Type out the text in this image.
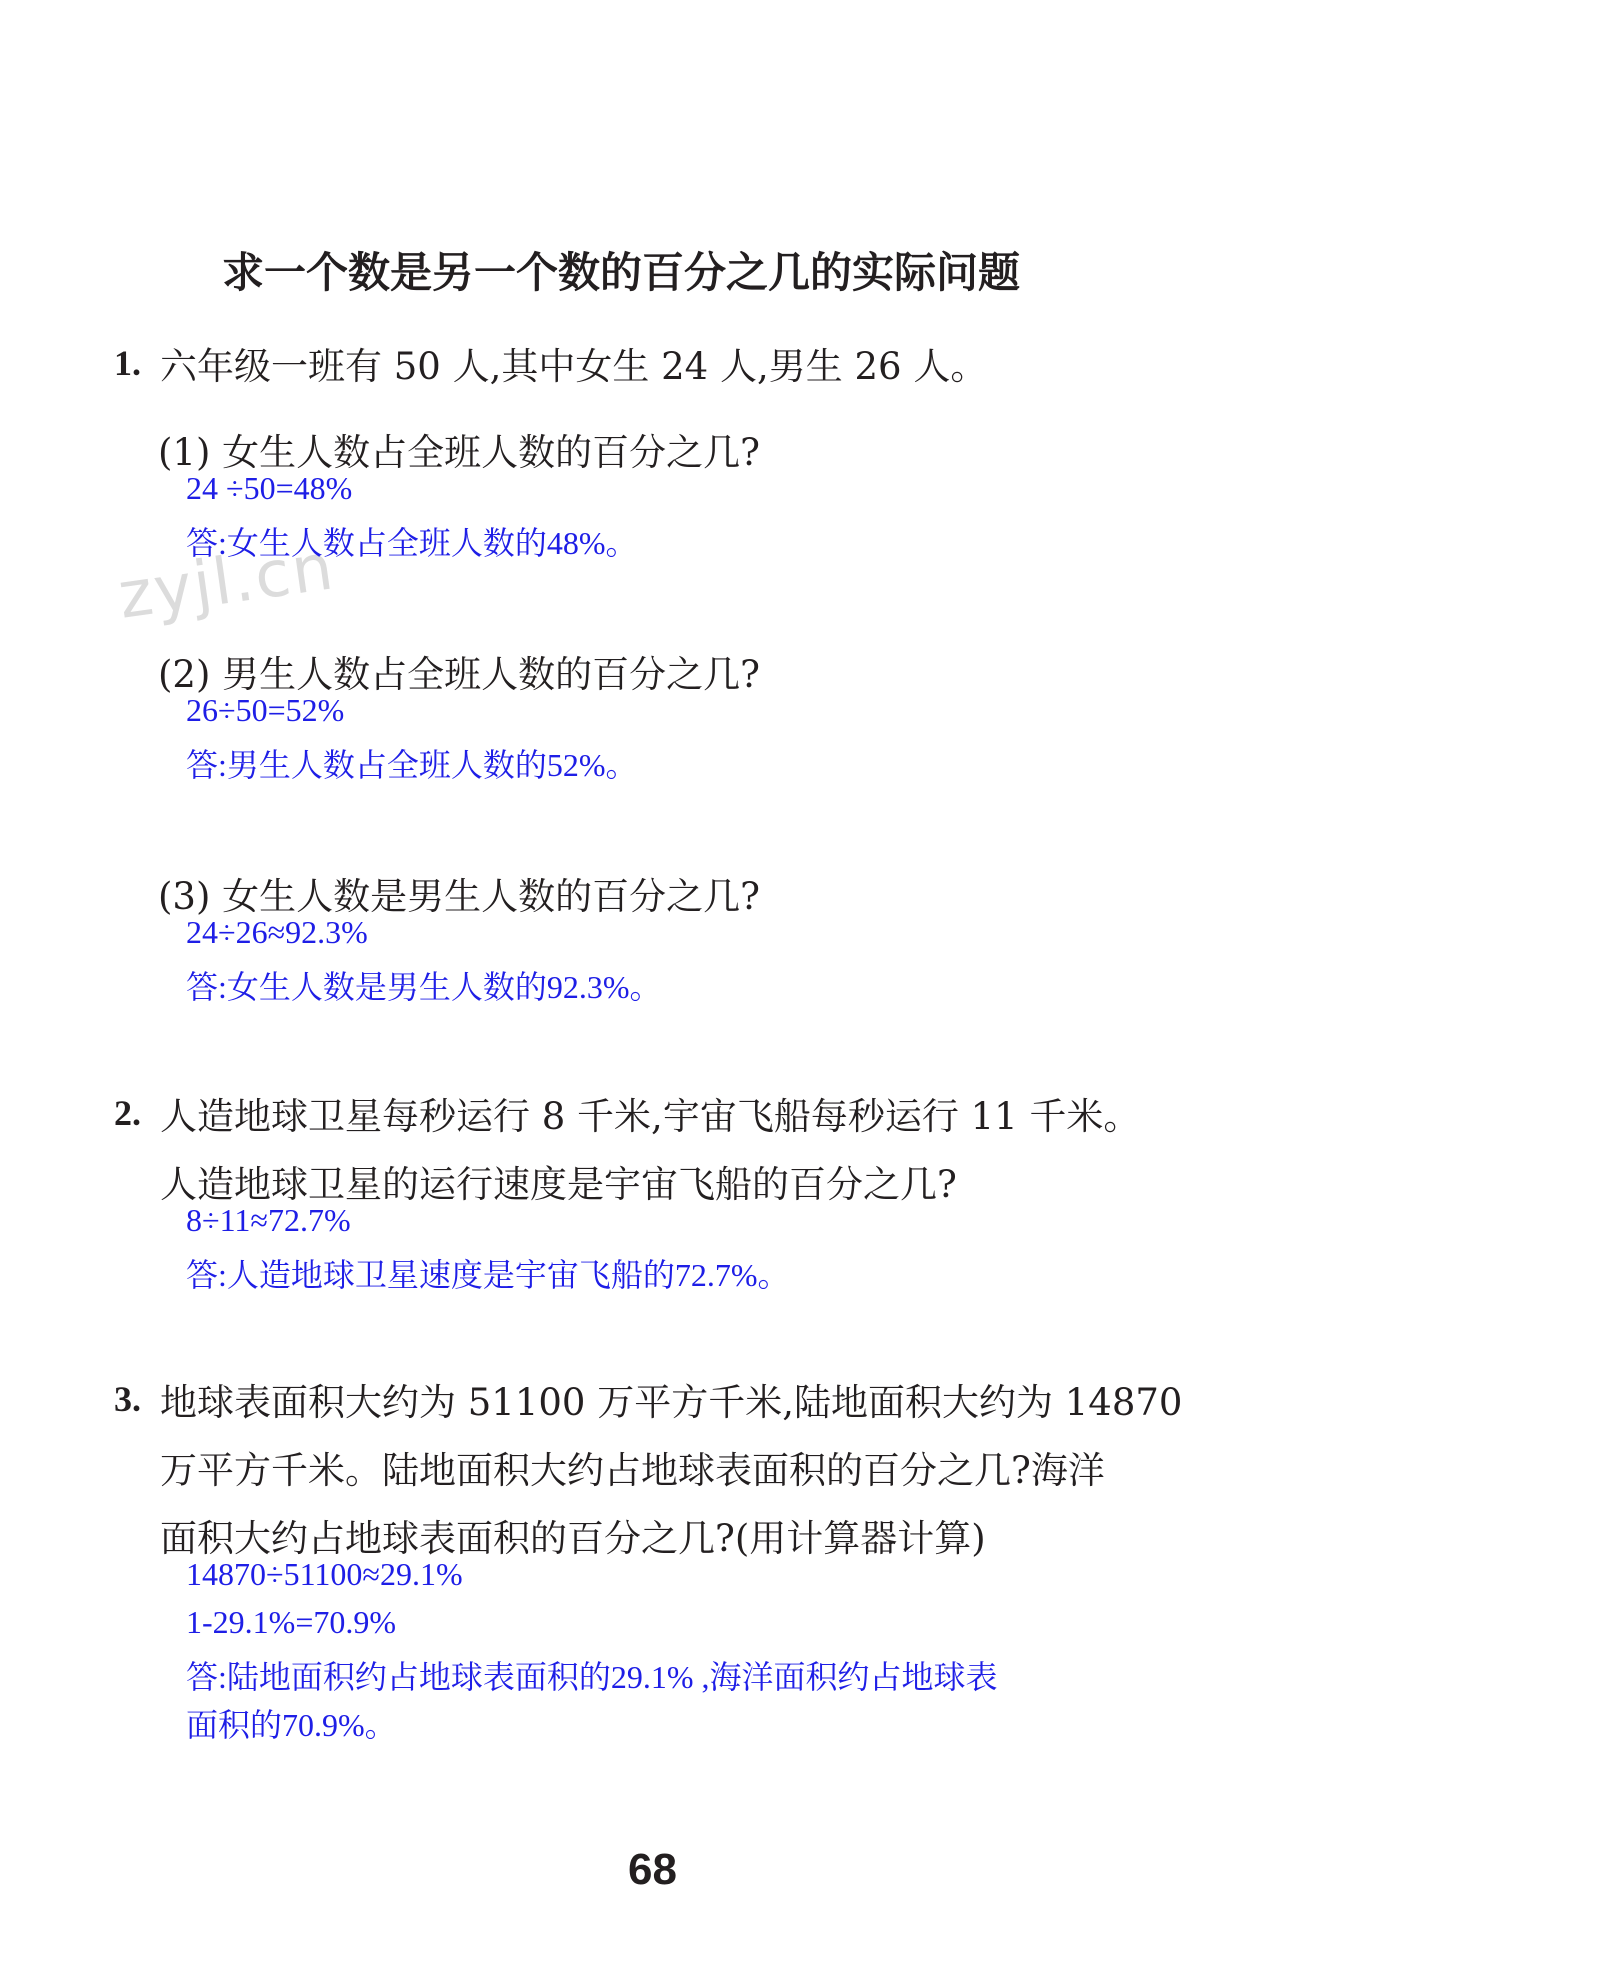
zyjl.cn
求一个数是另一个数的百分之几的实际问题
1. 六年级一班有 50 人,其中女生 24 人,男生 26 人。
(1) 女生人数占全班人数的百分之几?
24 ÷50=48%
答:女生人数占全班人数的48%。
(2) 男生人数占全班人数的百分之几?
26÷50=52%
答:男生人数占全班人数的52%。
(3) 女生人数是男生人数的百分之几?
24÷26≈92.3%
答:女生人数是男生人数的92.3%。
2. 人造地球卫星每秒运行 8 千米,宇宙飞船每秒运行 11 千米。
人造地球卫星的运行速度是宇宙飞船的百分之几?
8÷11≈72.7%
答:人造地球卫星速度是宇宙飞船的72.7%。
3. 地球表面积大约为 51100 万平方千米,陆地面积大约为 14870
万平方千米。陆地面积大约占地球表面积的百分之几?海洋
面积大约占地球表面积的百分之几?(用计算器计算)
14870÷51100≈29.1%
1-29.1%=70.9%
答:陆地面积约占地球表面积的29.1% ,海洋面积约占地球表
面积的70.9%。
68
